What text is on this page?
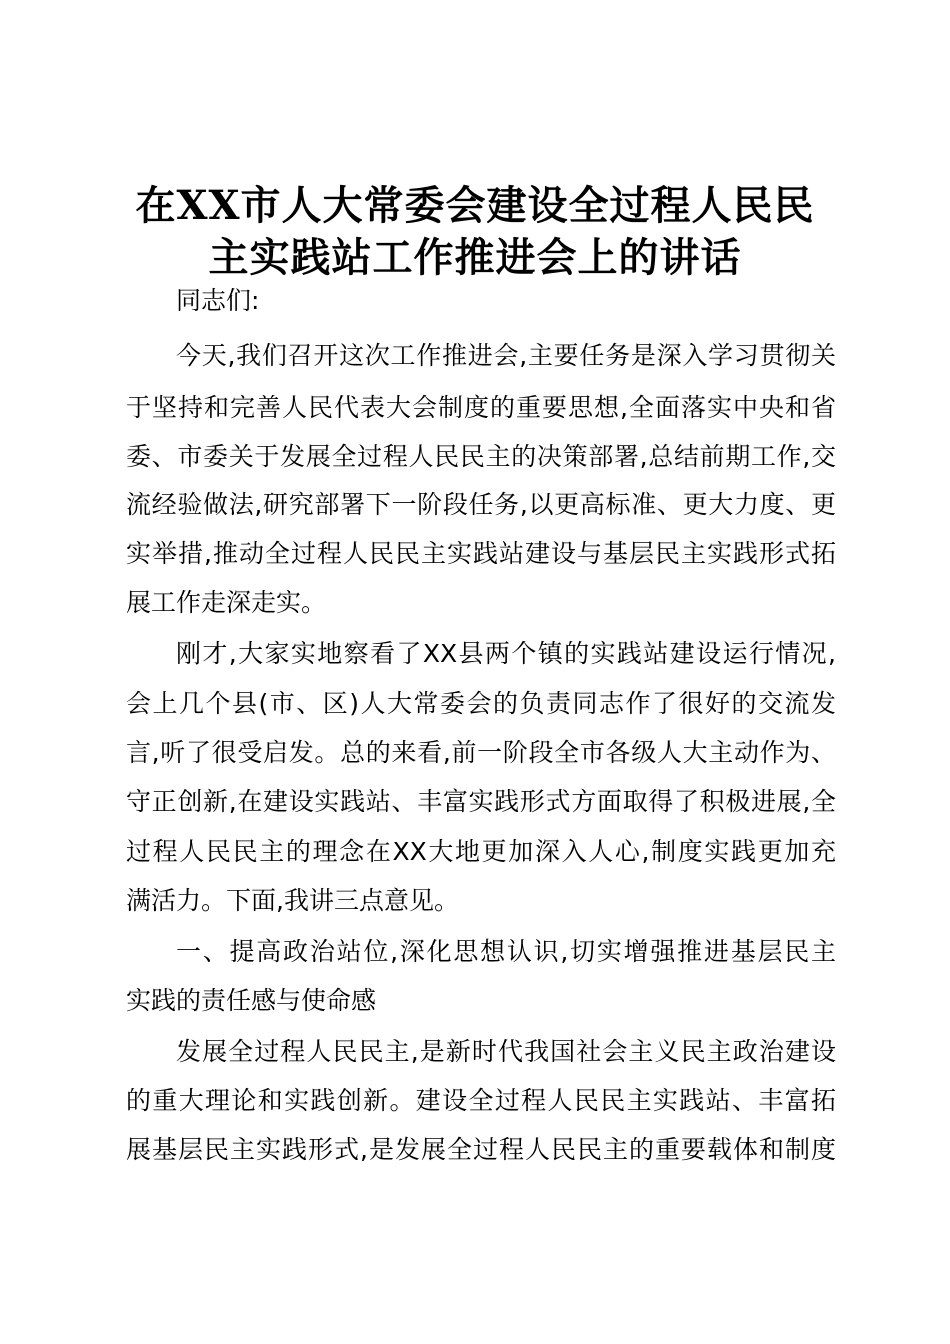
在XX市人大常委会建设全过程人民民
主实践站工作推进会上的讲话
同志们:
今天,我们召开这次工作推进会,主要任务是深入学习贯彻关
于坚持和完善人民代表大会制度的重要思想,全面落实中央和省
委、市委关于发展全过程人民民主的决策部署,总结前期工作,交
流经验做法,研究部署下一阶段任务,以更高标准、更大力度、更
实举措,推动全过程人民民主实践站建设与基层民主实践形式拓
展工作走深走实。
刚才,大家实地察看了XX县两个镇的实践站建设运行情况,
会上几个县(市、区)人大常委会的负责同志作了很好的交流发
言,听了很受启发。总的来看,前一阶段全市各级人大主动作为、
守正创新,在建设实践站、丰富实践形式方面取得了积极进展,全
过程人民民主的理念在XX大地更加深入人心,制度实践更加充
满活力。下面,我讲三点意见。
一、提高政治站位,深化思想认识,切实增强推进基层民主
实践的责任感与使命感
发展全过程人民民主,是新时代我国社会主义民主政治建设
的重大理论和实践创新。建设全过程人民民主实践站、丰富拓
展基层民主实践形式,是发展全过程人民民主的重要载体和制度
